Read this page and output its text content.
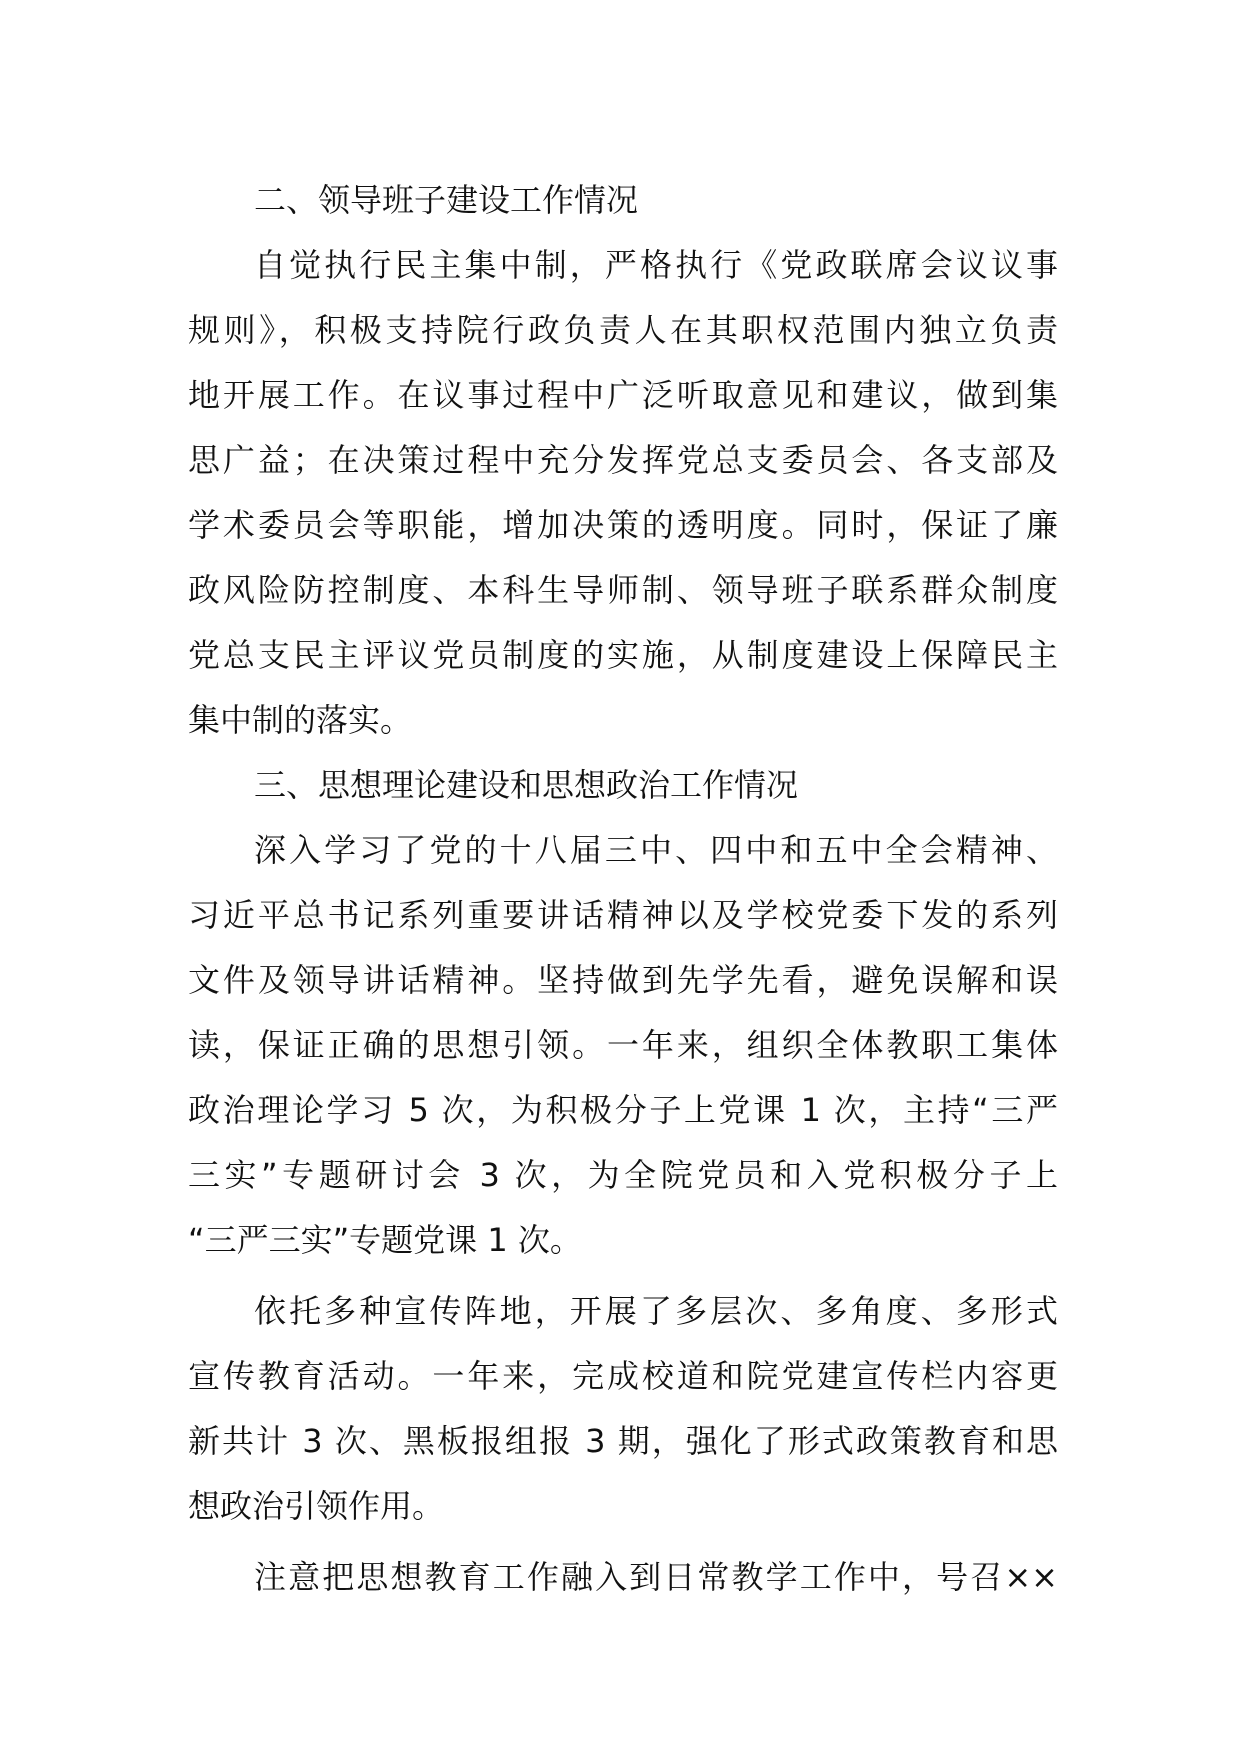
二、领导班子建设工作情况
自觉执行民主集中制，严格执行《党政联席会议议事
规则》，积极支持院行政负责人在其职权范围内独立负责
地开展工作。在议事过程中广泛听取意见和建议，做到集
思广益；在决策过程中充分发挥党总支委员会、各支部及
学术委员会等职能，增加决策的透明度。同时，保证了廉
政风险防控制度、本科生导师制、领导班子联系群众制度
党总支民主评议党员制度的实施，从制度建设上保障民主
集中制的落实。
三、思想理论建设和思想政治工作情况
深入学习了党的十八届三中、四中和五中全会精神、
习近平总书记系列重要讲话精神以及学校党委下发的系列
文件及领导讲话精神。坚持做到先学先看，避免误解和误
读，保证正确的思想引领。一年来，组织全体教职工集体
政治理论学习 5 次，为积极分子上党课 1 次，主持“三严
三实”专题研讨会 3 次，为全院党员和入党积极分子上
“三严三实”专题党课 1 次。
依托多种宣传阵地，开展了多层次、多角度、多形式
宣传教育活动。一年来，完成校道和院党建宣传栏内容更
新共计 3 次、黑板报组报 3 期，强化了形式政策教育和思
想政治引领作用。
注意把思想教育工作融入到日常教学工作中，号召××
